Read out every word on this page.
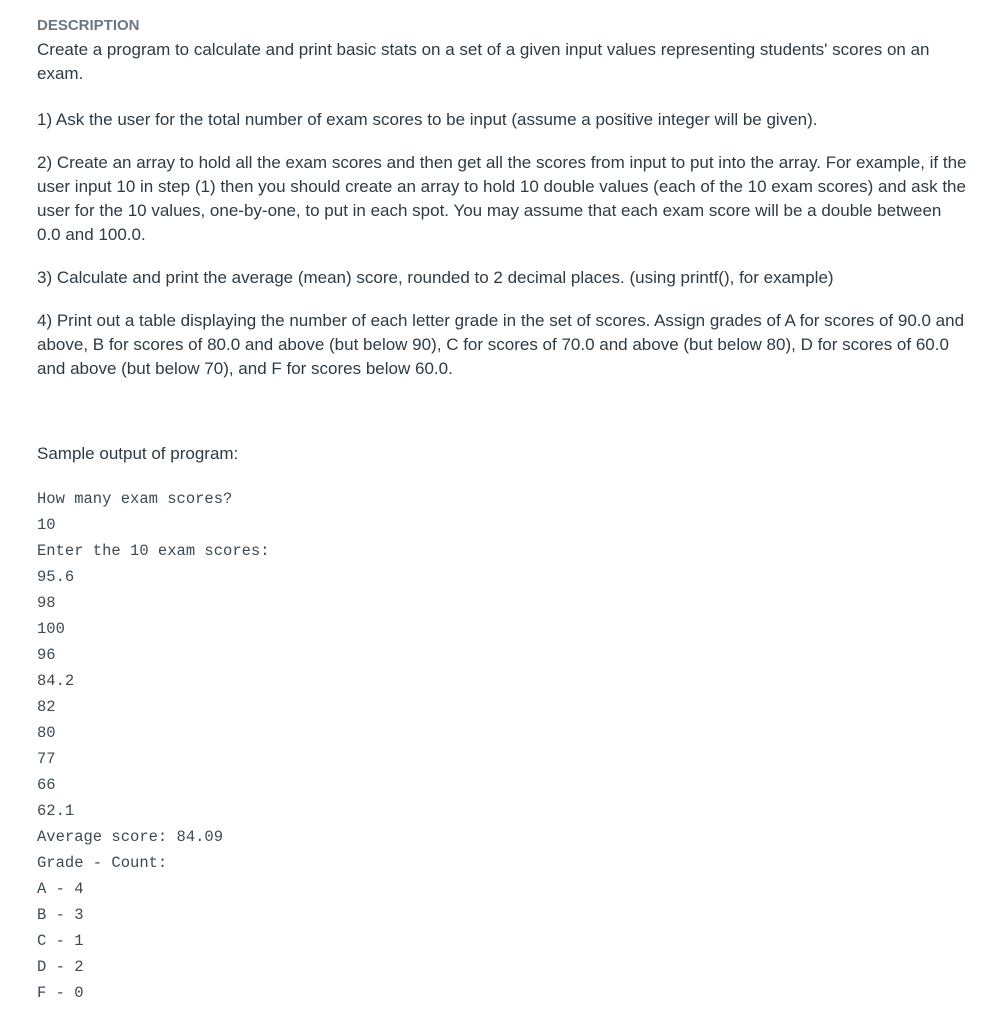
DESCRIPTION

Create a program to calculate and print basic stats on a set of a given input values representing students' scores on an exam.

1) Ask the user for the total number of exam scores to be input (assume a positive integer will be given).

2) Create an array to hold all the exam scores and then get all the scores from input to put into the array. For example, if the user input 10 in step (1) then you should create an array to hold 10 double values (each of the 10 exam scores) and ask the user for the 10 values, one-by-one, to put in each spot. You may assume that each exam score will be a double between 0.0 and 100.0.

3) Calculate and print the average (mean) score, rounded to 2 decimal places. (using printf(), for example)

4) Print out a table displaying the number of each letter grade in the set of scores. Assign grades of A for scores of 90.0 and above, B for scores of 80.0 and above (but below 90), C for scores of 70.0 and above (but below 80), D for scores of 60.0 and above (but below 70), and F for scores below 60.0.

Sample output of program:

How many exam scores?
10
Enter the 10 exam scores:
95.6
98
100
96
84.2
82
80
77
66
62.1
Average score: 84.09
Grade - Count:
A - 4
B - 3
C - 1
D - 2
F - 0
